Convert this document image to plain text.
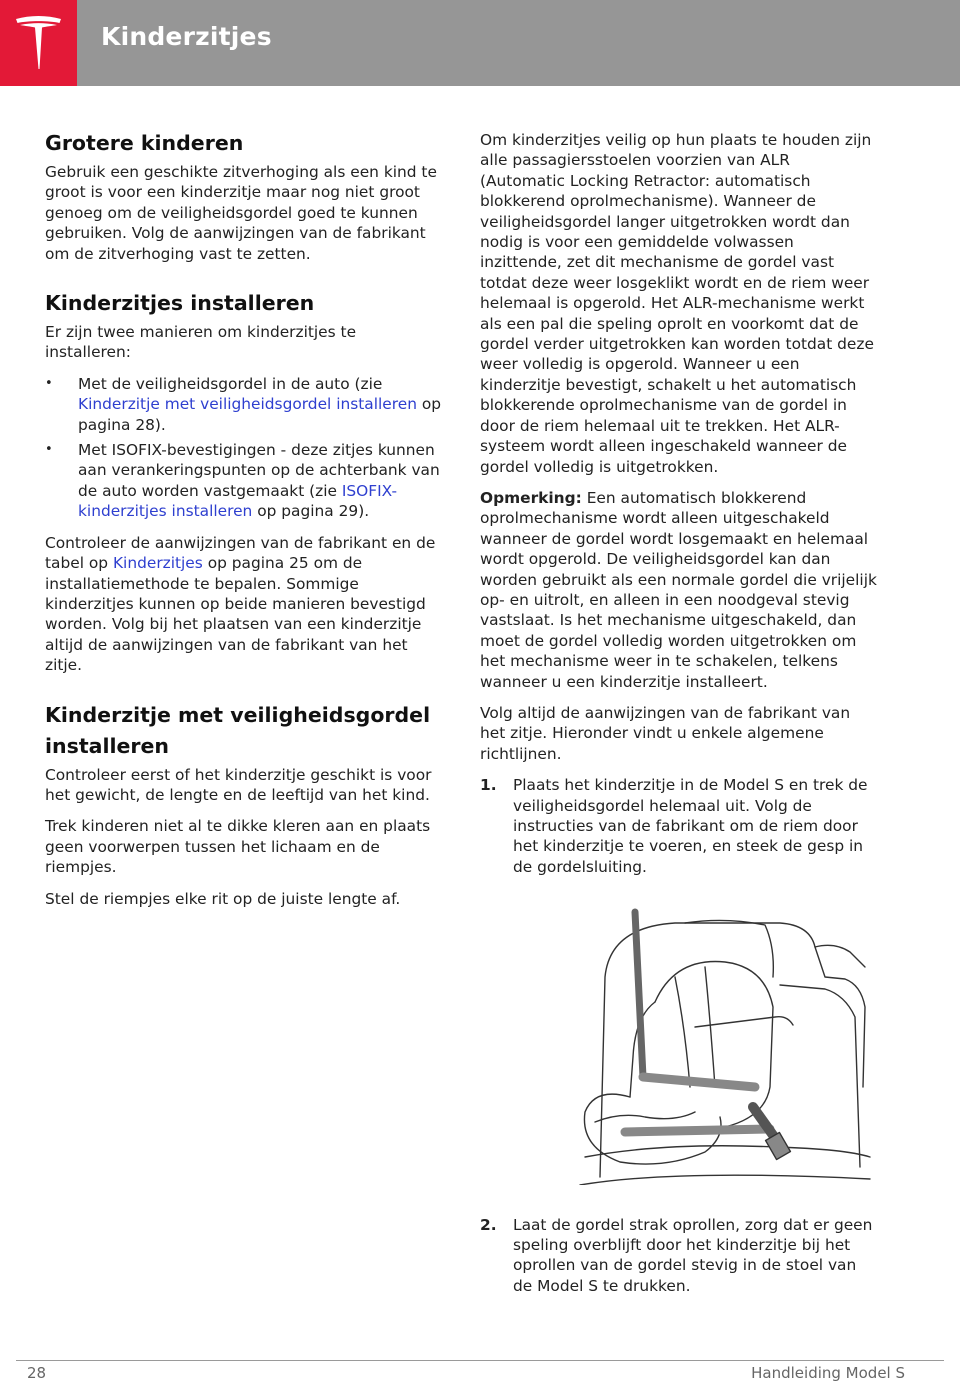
Kinderzitjes
Grotere kinderen

Gebruik een geschikte zitverhoging als een kind te groot is voor een kinderzitje maar nog niet groot genoeg om de veiligheidsgordel goed te kunnen gebruiken. Volg de aanwijzingen van de fabrikant om de zitverhoging vast te zetten.

Kinderzitjes installeren

Er zijn twee manieren om kinderzitjes te installeren:

• Met de veiligheidsgordel in de auto (zie Kinderzitje met veiligheidsgordel installeren op pagina 28).
• Met ISOFIX-bevestigingen - deze zitjes kunnen aan verankeringspunten op de achterbank van de auto worden vastgemaakt (zie ISOFIX-kinderzitjes installeren op pagina 29).

Controleer de aanwijzingen van de fabrikant en de tabel op Kinderzitjes op pagina 25 om de installatiemethode te bepalen. Sommige kinderzitjes kunnen op beide manieren bevestigd worden. Volg bij het plaatsen van een kinderzitje altijd de aanwijzingen van de fabrikant van het zitje.

Kinderzitje met veiligheidsgordel installeren

Controleer eerst of het kinderzitje geschikt is voor het gewicht, de lengte en de leeftijd van het kind.

Trek kinderen niet al te dikke kleren aan en plaats geen voorwerpen tussen het lichaam en de riempjes.

Stel de riempjes elke rit op de juiste lengte af.

Om kinderzitjes veilig op hun plaats te houden zijn alle passagiersstoelen voorzien van ALR (Automatic Locking Retractor: automatisch blokkerend oprolmechanisme). Wanneer de veiligheidsgordel langer uitgetrokken wordt dan nodig is voor een gemiddelde volwassen inzittende, zet dit mechanisme de gordel vast totdat deze weer losgeklikt wordt en de riem weer helemaal is opgerold. Het ALR-mechanisme werkt als een pal die speling oprolt en voorkomt dat de gordel verder uitgetrokken kan worden totdat deze weer volledig is opgerold. Wanneer u een kinderzitje bevestigt, schakelt u het automatisch blokkerende oprolmechanisme van de gordel in door de riem helemaal uit te trekken. Het ALR-systeem wordt alleen ingeschakeld wanneer de gordel volledig is uitgetrokken.

Opmerking: Een automatisch blokkerend oprolmechanisme wordt alleen uitgeschakeld wanneer de gordel wordt losgemaakt en helemaal wordt opgerold. De veiligheidsgordel kan dan worden gebruikt als een normale gordel die vrijelijk op- en uitrolt, en alleen in een noodgeval stevig vastslaat. Is het mechanisme uitgeschakeld, dan moet de gordel volledig worden uitgetrokken om het mechanisme weer in te schakelen, telkens wanneer u een kinderzitje installeert.

Volg altijd de aanwijzingen van de fabrikant van het zitje. Hieronder vindt u enkele algemene richtlijnen.

1. Plaats het kinderzitje in de Model S en trek de veiligheidsgordel helemaal uit. Volg de instructies van de fabrikant om de riem door het kinderzitje te voeren, en steek de gesp in de gordelsluiting.
2. Laat de gordel strak oprollen, zorg dat er geen speling overblijft door het kinderzitje bij het oprollen van de gordel stevig in de stoel van de Model S te drukken.
28	Handleiding Model S
